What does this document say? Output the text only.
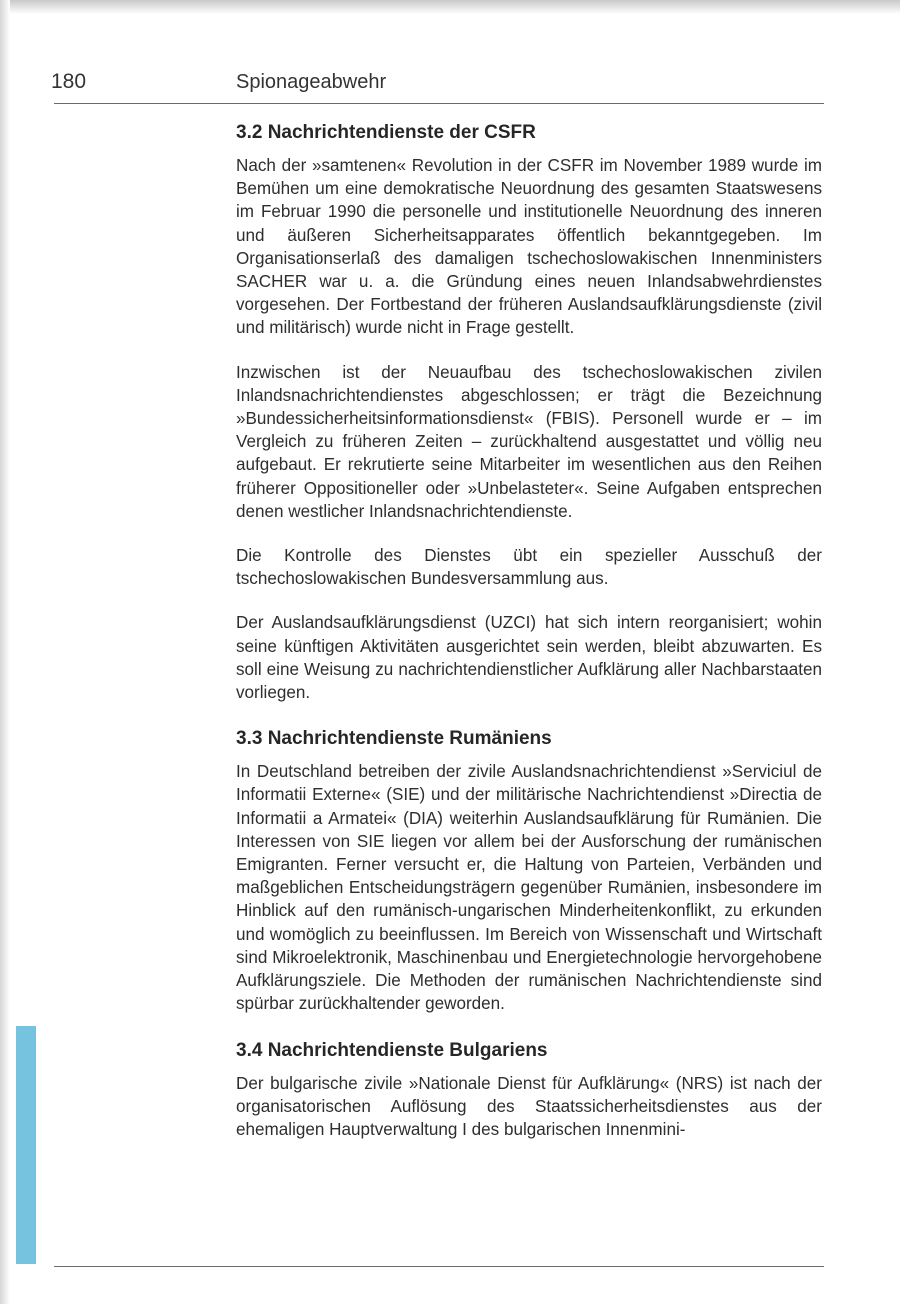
180	Spionageabwehr
3.2 Nachrichtendienste der CSFR

Nach der »samtenen« Revolution in der CSFR im November 1989 wurde im Bemühen um eine demokratische Neuordnung des gesamten Staatswesens im Februar 1990 die personelle und institutionelle Neuordnung des inneren und äußeren Sicherheitsapparates öffentlich bekanntgegeben. Im Organisationserlaß des damaligen tschechoslowakischen Innenministers SACHER war u. a. die Gründung eines neuen Inlandsabwehrdienstes vorgesehen. Der Fortbestand der früheren Auslandsaufklärungsdienste (zivil und militärisch) wurde nicht in Frage gestellt.

Inzwischen ist der Neuaufbau des tschechoslowakischen zivilen Inlandsnachrichtendienstes abgeschlossen; er trägt die Bezeichnung »Bundessicherheitsinformationsdienst« (FBIS). Personell wurde er – im Vergleich zu früheren Zeiten – zurückhaltend ausgestattet und völlig neu aufgebaut. Er rekrutierte seine Mitarbeiter im wesentlichen aus den Reihen früherer Oppositioneller oder »Unbelasteter«. Seine Aufgaben entsprechen denen westlicher Inlandsnachrichtendienste.

Die Kontrolle des Dienstes übt ein spezieller Ausschuß der tschechoslowakischen Bundesversammlung aus.

Der Auslandsaufklärungsdienst (UZCI) hat sich intern reorganisiert; wohin seine künftigen Aktivitäten ausgerichtet sein werden, bleibt abzuwarten. Es soll eine Weisung zu nachrichtendienstlicher Aufklärung aller Nachbarstaaten vorliegen.

3.3 Nachrichtendienste Rumäniens

In Deutschland betreiben der zivile Auslandsnachrichtendienst »Serviciul de Informatii Externe« (SIE) und der militärische Nachrichtendienst »Directia de Informatii a Armatei« (DIA) weiterhin Auslandsaufklärung für Rumänien. Die Interessen von SIE liegen vor allem bei der Ausforschung der rumänischen Emigranten. Ferner versucht er, die Haltung von Parteien, Verbänden und maßgeblichen Entscheidungsträgern gegenüber Rumänien, insbesondere im Hinblick auf den rumänisch-ungarischen Minderheitenkonflikt, zu erkunden und womöglich zu beeinflussen. Im Bereich von Wissenschaft und Wirtschaft sind Mikroelektronik, Maschinenbau und Energietechnologie hervorgehobene Aufklärungsziele. Die Methoden der rumänischen Nachrichtendienste sind spürbar zurückhaltender geworden.

3.4 Nachrichtendienste Bulgariens

Der bulgarische zivile »Nationale Dienst für Aufklärung« (NRS) ist nach der organisatorischen Auflösung des Staatssicherheitsdienstes aus der ehemaligen Hauptverwaltung I des bulgarischen Innenmini-
